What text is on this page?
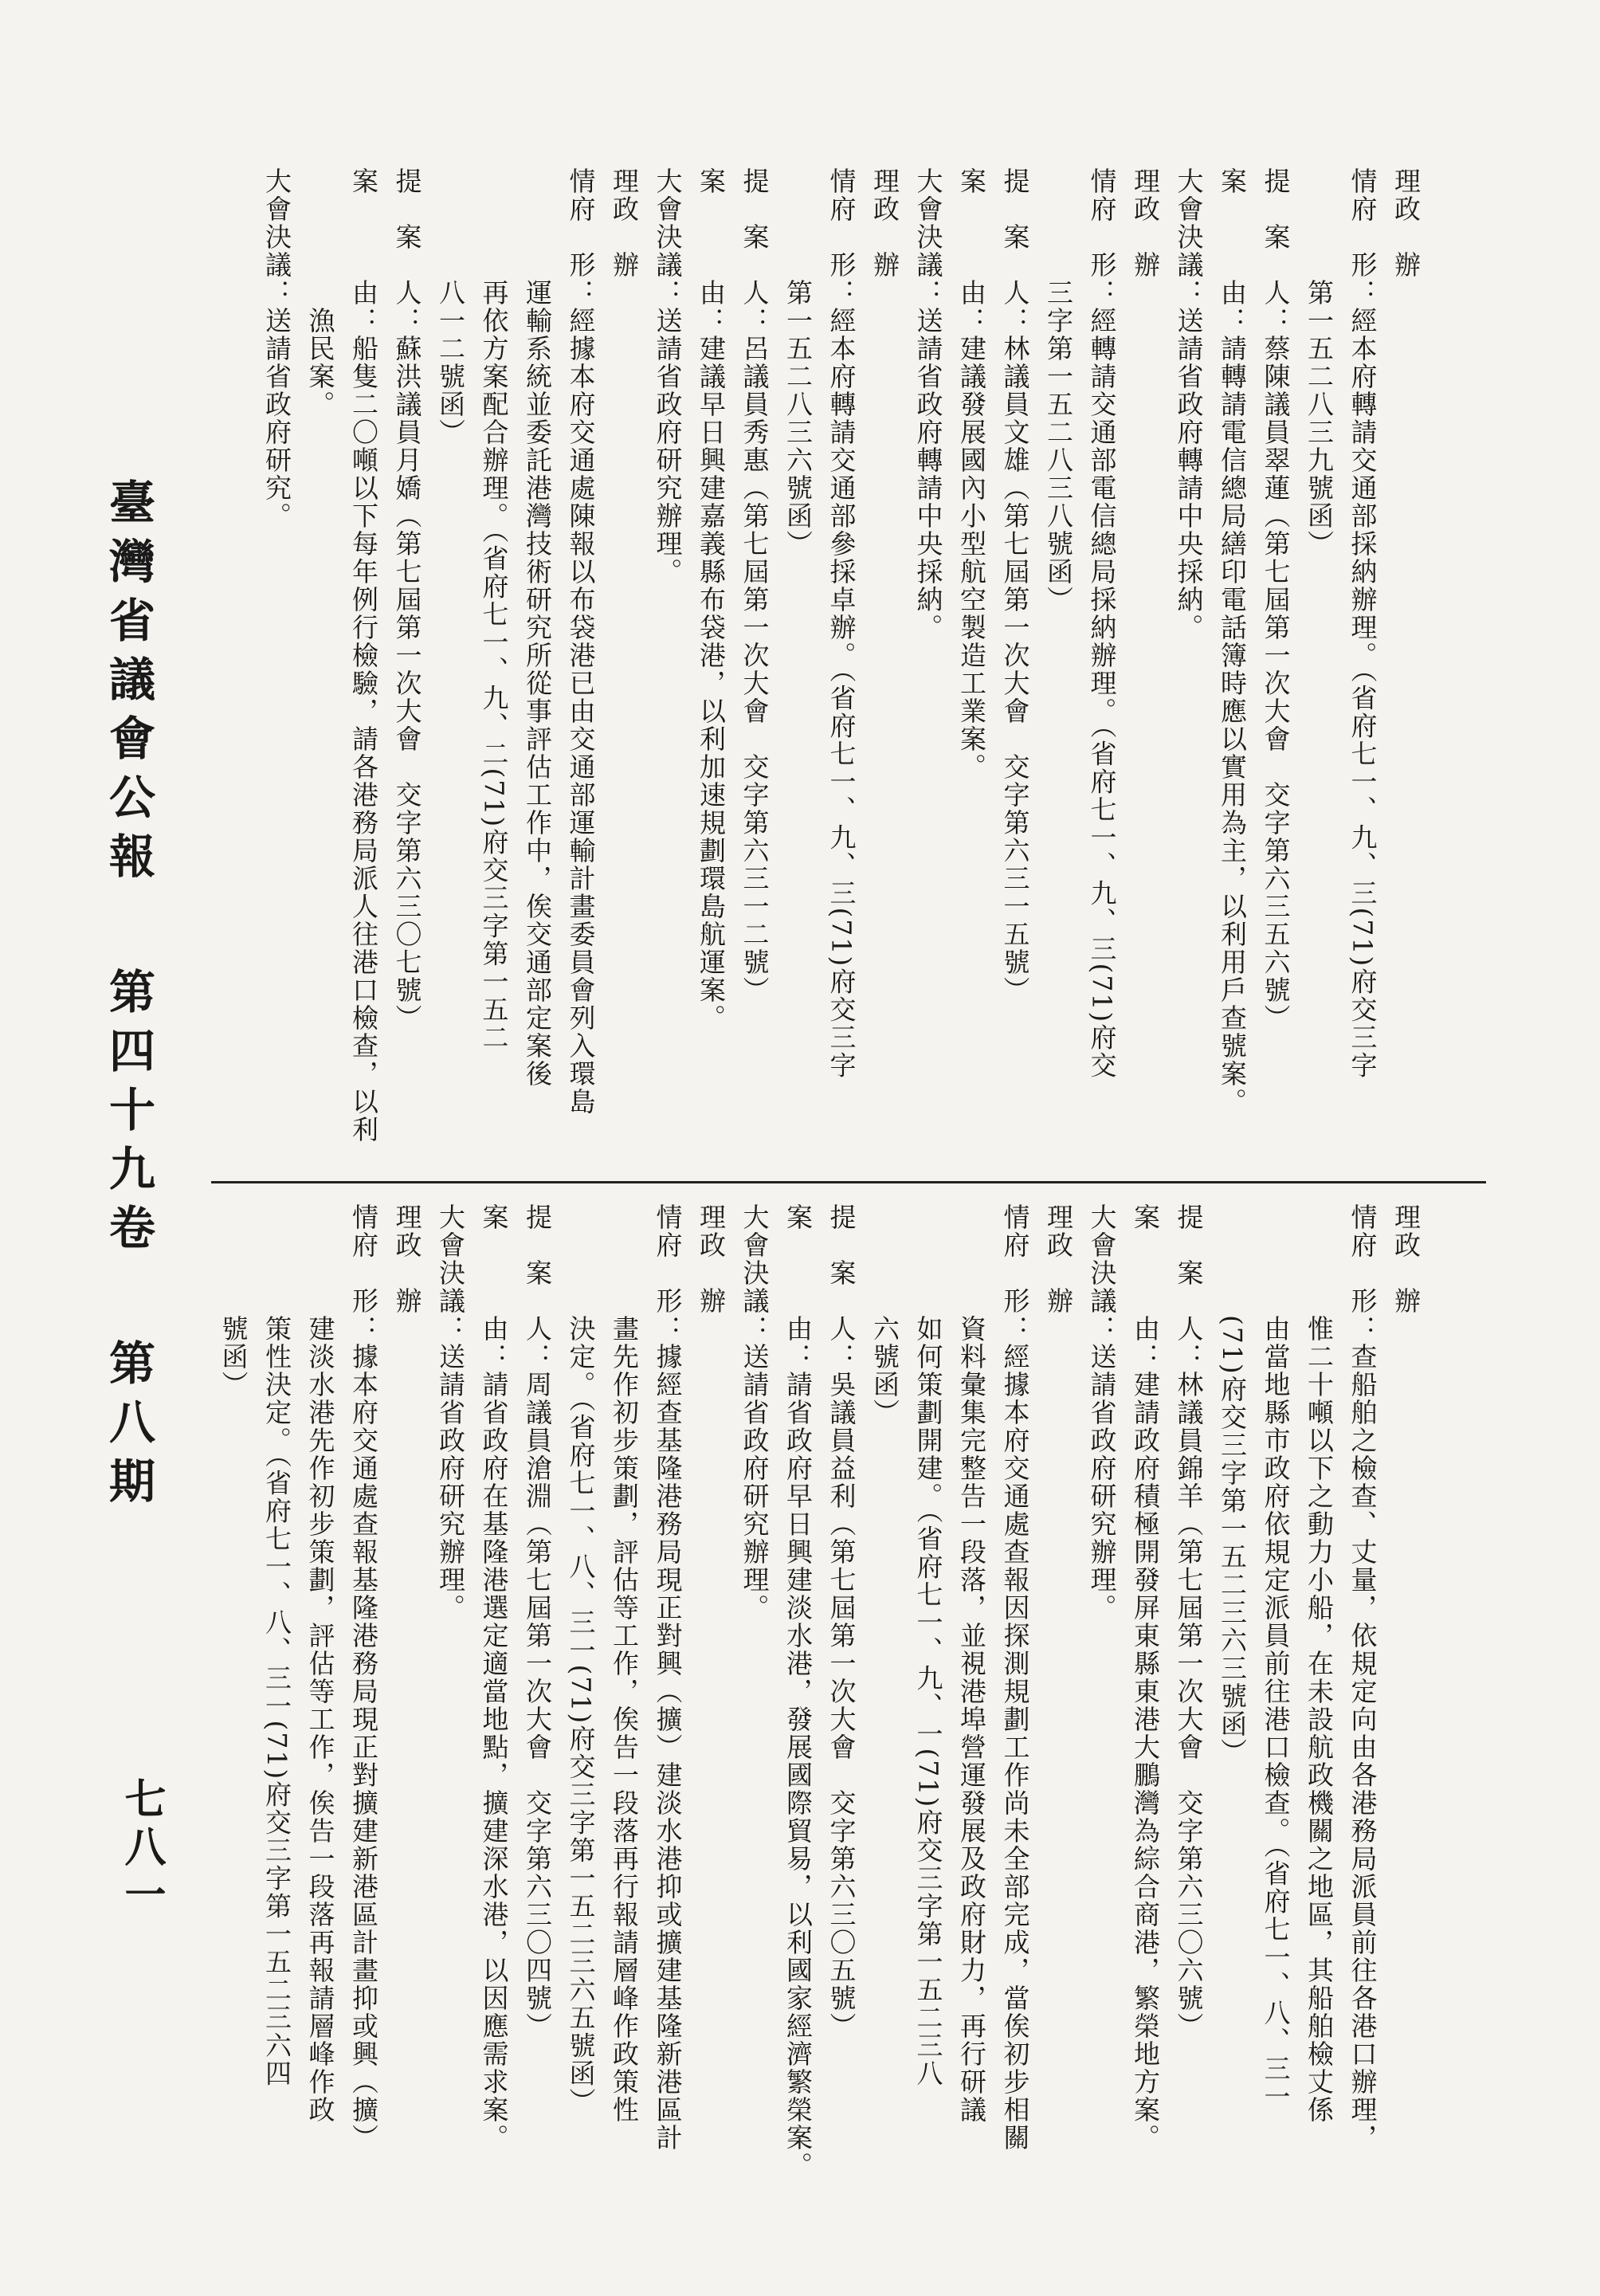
理政　辦
情府　形：經本府轉請交通部採納辦理。（省府七一、九、三(71)府交三字
　　　　第一五二八三九號函）
提　案　人：蔡陳議員翠蓮（第七屆第一次大會　交字第六三五六號）
案　　　由：請轉請電信總局繕印電話簿時應以實用為主，以利用戶查號案。
大會決議：送請省政府轉請中央採納。
理政　辦
情府　形：經轉請交通部電信總局採納辦理。（省府七一、九、三(71)府交
　　　　三字第一五二八三八號函）
提　案　人：林議員文雄（第七屆第一次大會　交字第六三一五號）
案　　　由：建議發展國內小型航空製造工業案。
大會決議：送請省政府轉請中央採納。
理政　辦
情府　形：經本府轉請交通部參採卓辦。（省府七一、九、三(71)府交三字
　　　　第一五二八三六號函）
提　案　人：呂議員秀惠（第七屆第一次大會　交字第六三一二號）
案　　　由：建議早日興建嘉義縣布袋港，以利加速規劃環島航運案。
大會決議：送請省政府研究辦理。
理政　辦
情府　形：經據本府交通處陳報以布袋港已由交通部運輸計畫委員會列入環島
　　　　運輸系統並委託港灣技術研究所從事評估工作中，俟交通部定案後
　　　　再依方案配合辦理。（省府七一、九、二(71)府交三字第一五二
　　　　八一二號函）
提　案　人：蘇洪議員月嬌（第七屆第一次大會　交字第六三〇七號）
案　　　由：船隻二〇噸以下每年例行檢驗，請各港務局派人往港口檢查，以利
　　　　　漁民案。
大會決議：送請省政府研究。
理政　辦
情府　形：查船舶之檢查、丈量，依規定向由各港務局派員前往各港口辦理，
　　　　惟二十噸以下之動力小船，在未設航政機關之地區，其船舶檢丈係
　　　　由當地縣市政府依規定派員前往港口檢查。（省府七一、八、三一
　　　　(71)府交三字第一五二三六三號函）
提　案　人：林議員錦羊（第七屆第一次大會　交字第六三〇六號）
案　　　由：建請政府積極開發屏東縣東港大鵬灣為綜合商港，繁榮地方案。
大會決議：送請省政府研究辦理。
理政　辦
情府　形：經據本府交通處查報因探測規劃工作尚未全部完成，當俟初步相關
　　　　資料彙集完整告一段落，並視港埠營運發展及政府財力，再行研議
　　　　如何策劃開建。（省府七一、九、一(71)府交三字第一五二三八
　　　　六號函）
提　案　人：吳議員益利（第七屆第一次大會　交字第六三〇五號）
案　　　由：請省政府早日興建淡水港，發展國際貿易，以利國家經濟繁榮案。
大會決議：送請省政府研究辦理。
理政　辦
情府　形：據經查基隆港務局現正對興（擴）建淡水港抑或擴建基隆新港區計
　　　　畫先作初步策劃，評估等工作，俟告一段落再行報請層峰作政策性
　　　　決定。（省府七一、八、三一(71)府交三字第一五二三六五號函）
提　案　人：周議員滄淵（第七屆第一次大會　交字第六三〇四號）
案　　　由：請省政府在基隆港選定適當地點，擴建深水港，以因應需求案。
大會決議：送請省政府研究辦理。
理政　辦
情府　形：據本府交通處查報基隆港務局現正對擴建新港區計畫抑或興（擴）
　　　　建淡水港先作初步策劃，評估等工作，俟告一段落再報請層峰作政
　　　　策性決定。（省府七一、八、三一(71)府交三字第一五二三六四
　　　　號函）
臺灣省議會公報 第四十九卷 第八期
七八一
